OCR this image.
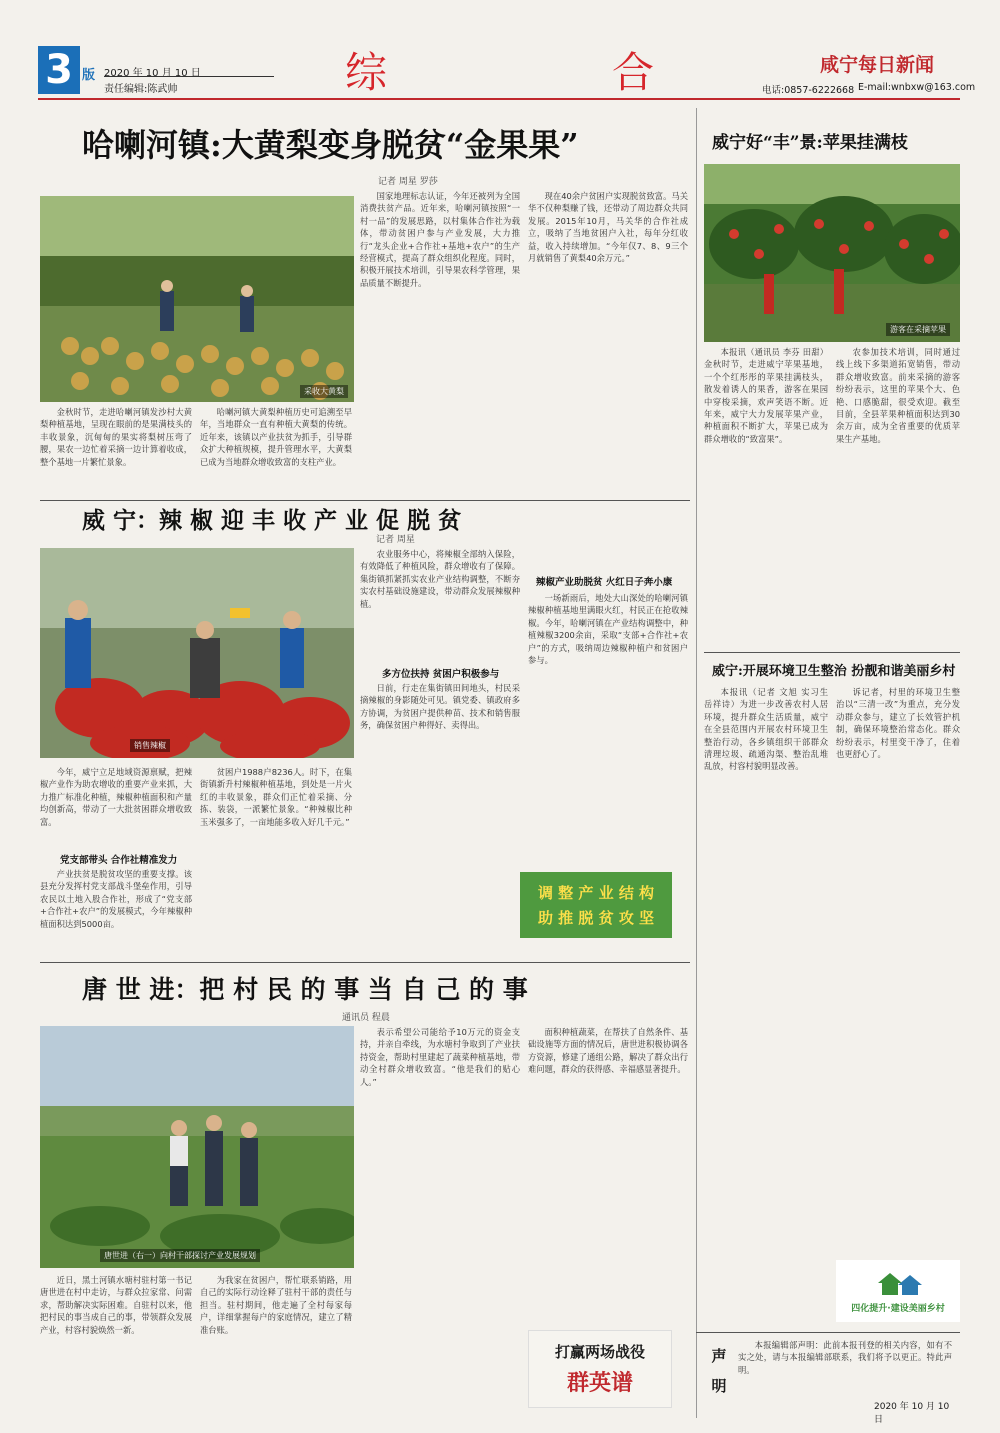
3 版 2020 年 10 月 10 日
责任编辑:陈武帅	综	合	咸宁每日新闻
电话:0857-6222668 E-mail:wnbxw@163.com
哈喇河镇:大黄梨变身脱贫“金果果”
记者 周星 罗莎
采收大黄梨

金秋时节，走进哈喇河镇发沙村大黄梨种植基地，呈现在眼前的是果满枝头的丰收景象，沉甸甸的果实将梨树压弯了腰，果农一边忙着采摘一边计算着收成，整个基地一片繁忙景象。

哈喇河镇大黄梨种植历史可追溯至早年，当地群众一直有种植大黄梨的传统。近年来，该镇以产业扶贫为抓手，引导群众扩大种植规模，提升管理水平，大黄梨已成为当地群众增收致富的支柱产业。

国家地理标志认证，今年还被列为全国消费扶贫产品。近年来，哈喇河镇按照“一村一品”的发展思路，以村集体合作社为载体，带动贫困户参与产业发展，大力推行“龙头企业+合作社+基地+农户”的生产经营模式，提高了群众组织化程度。同时，积极开展技术培训，引导果农科学管理，果品质量不断提升。

现在40余户贫困户实现脱贫致富。马关华不仅种梨赚了钱，还带动了周边群众共同发展。2015年10月，马关华的合作社成立，吸纳了当地贫困户入社，每年分红收益，收入持续增加。“今年仅7、8、9三个月就销售了黄梨40余万元。”

威 宁：辣 椒 迎 丰 收 产 业 促 脱 贫
记者 周星
销售辣椒

今年，威宁立足地域资源禀赋，把辣椒产业作为助农增收的重要产业来抓，大力推广标准化种植，辣椒种植面积和产量均创新高，带动了一大批贫困群众增收致富。

党支部带头 合作社精准发力

产业扶贫是脱贫攻坚的重要支撑。该县充分发挥村党支部战斗堡垒作用，引导农民以土地入股合作社，形成了“党支部+合作社+农户”的发展模式，今年辣椒种植面积达到5000亩。

贫困户1988户8236人。时下，在集街镇新升村辣椒种植基地，到处是一片火红的丰收景象，群众们正忙着采摘、分拣、装袋，一派繁忙景象。“种辣椒比种玉米强多了，一亩地能多收入好几千元。”

农业服务中心，将辣椒全部纳入保险，有效降低了种植风险，群众增收有了保障。集街镇抓紧抓实农业产业结构调整，不断夯实农村基础设施建设，带动群众发展辣椒种植。

多方位扶持 贫困户积极参与

日前，行走在集街镇田间地头，村民采摘辣椒的身影随处可见。镇党委、镇政府多方协调，为贫困户提供种苗、技术和销售服务，确保贫困户种得好、卖得出。

辣椒产业助脱贫 火红日子奔小康

一场新雨后，地处大山深处的哈喇河镇辣椒种植基地里满眼火红，村民正在抢收辣椒。今年，哈喇河镇在产业结构调整中，种植辣椒3200余亩，采取“支部+合作社+农户”的方式，吸纳周边辣椒种植户和贫困户参与。

调 整 产 业 结 构
助 推 脱 贫 攻 坚
唐 世 进：把 村 民 的 事 当 自 己 的 事
通讯员 程晨
唐世进（右一）向村干部探讨产业发展规划

近日，黑土河镇水塘村驻村第一书记唐世进在村中走访，与群众拉家常、问需求，帮助解决实际困难。自驻村以来，他把村民的事当成自己的事，带领群众发展产业，村容村貌焕然一新。

为我家在贫困户，帮忙联系销路，用自己的实际行动诠释了驻村干部的责任与担当。驻村期间，他走遍了全村每家每户，详细掌握每户的家庭情况，建立了精准台账。

表示希望公司能给予10万元的资金支持，并亲自牵线，为水塘村争取到了产业扶持资金，帮助村里建起了蔬菜种植基地，带动全村群众增收致富。“他是我们的贴心人。”

面积种植蔬菜，在帮扶了自然条件、基础设施等方面的情况后，唐世进积极协调各方资源，修建了通组公路，解决了群众出行难问题，群众的获得感、幸福感显著提升。

打赢两场战役
群英谱
威宁好“丰”景:苹果挂满枝
游客在采摘苹果

本报讯（通讯员 李芬 田甜）金秋时节，走进威宁苹果基地，一个个红彤彤的苹果挂满枝头，散发着诱人的果香，游客在果园中穿梭采摘，欢声笑语不断。近年来，威宁大力发展苹果产业，种植面积不断扩大，苹果已成为群众增收的“致富果”。

农参加技术培训，同时通过线上线下多渠道拓宽销售，带动群众增收致富。前来采摘的游客纷纷表示，这里的苹果个大、色艳、口感脆甜，很受欢迎。截至目前，全县苹果种植面积达到30余万亩，成为全省重要的优质苹果生产基地。

威宁:开展环境卫生整治 扮靓和谐美丽乡村

本报讯（记者 文旭 实习生 岳祥诗）为进一步改善农村人居环境，提升群众生活质量，威宁在全县范围内开展农村环境卫生整治行动，各乡镇组织干部群众清理垃圾、疏通沟渠、整治乱堆乱放，村容村貌明显改善。

诉记者，村里的环境卫生整治以“三清一改”为重点，充分发动群众参与，建立了长效管护机制，确保环境整治常态化。群众纷纷表示，村里变干净了，住着也更舒心了。

四化提升·建设美丽乡村
声
明

本报编辑部声明：此前本报刊登的相关内容，如有不实之处，请与本报编辑部联系，我们将予以更正。特此声明。

2020 年 10 月 10 日
